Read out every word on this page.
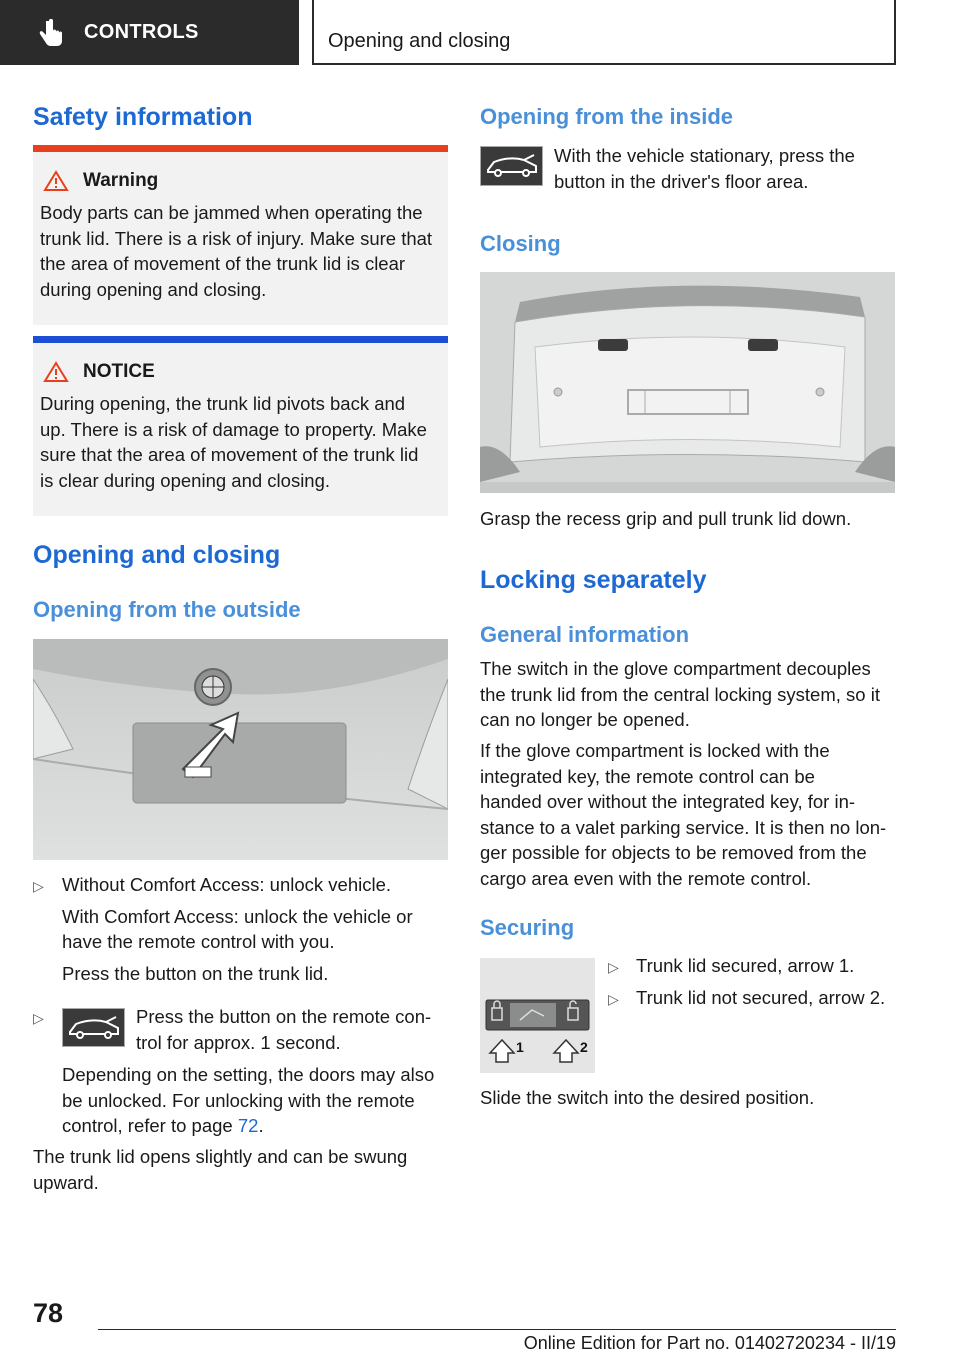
CONTROLS	Opening and closing
Safety information
Warning
Body parts can be jammed when operating the
trunk lid. There is a risk of injury. Make sure that
the area of movement of the trunk lid is clear
during opening and closing.
NOTICE
During opening, the trunk lid pivots back and
up. There is a risk of damage to property. Make
sure that the area of movement of the trunk lid
is clear during opening and closing.
Opening and closing
Opening from the outside
▷ Without Comfort Access: unlock vehicle.
With Comfort Access: unlock the vehicle or
have the remote control with you.
Press the button on the trunk lid.
▷	Press the button on the remote con-
trol for approx. 1 second.
Depending on the setting, the doors may also
be unlocked. For unlocking with the remote
control, refer to page 72.
The trunk lid opens slightly and can be swung
upward.
Opening from the inside
With the vehicle stationary, press the
button in the driver's floor area.
Closing
Grasp the recess grip and pull trunk lid down.
Locking separately
General information
The switch in the glove compartment decouples
the trunk lid from the central locking system, so it
can no longer be opened.
If the glove compartment is locked with the
integrated key, the remote control can be
handed over without the integrated key, for in-
stance to a valet parking service. It is then no lon-
ger possible for objects to be removed from the
cargo area even with the remote control.
Securing
1	2
▷ Trunk lid secured, arrow 1.
▷ Trunk lid not secured, arrow 2.
Slide the switch into the desired position.
78
Online Edition for Part no. 01402720234 - II/19
